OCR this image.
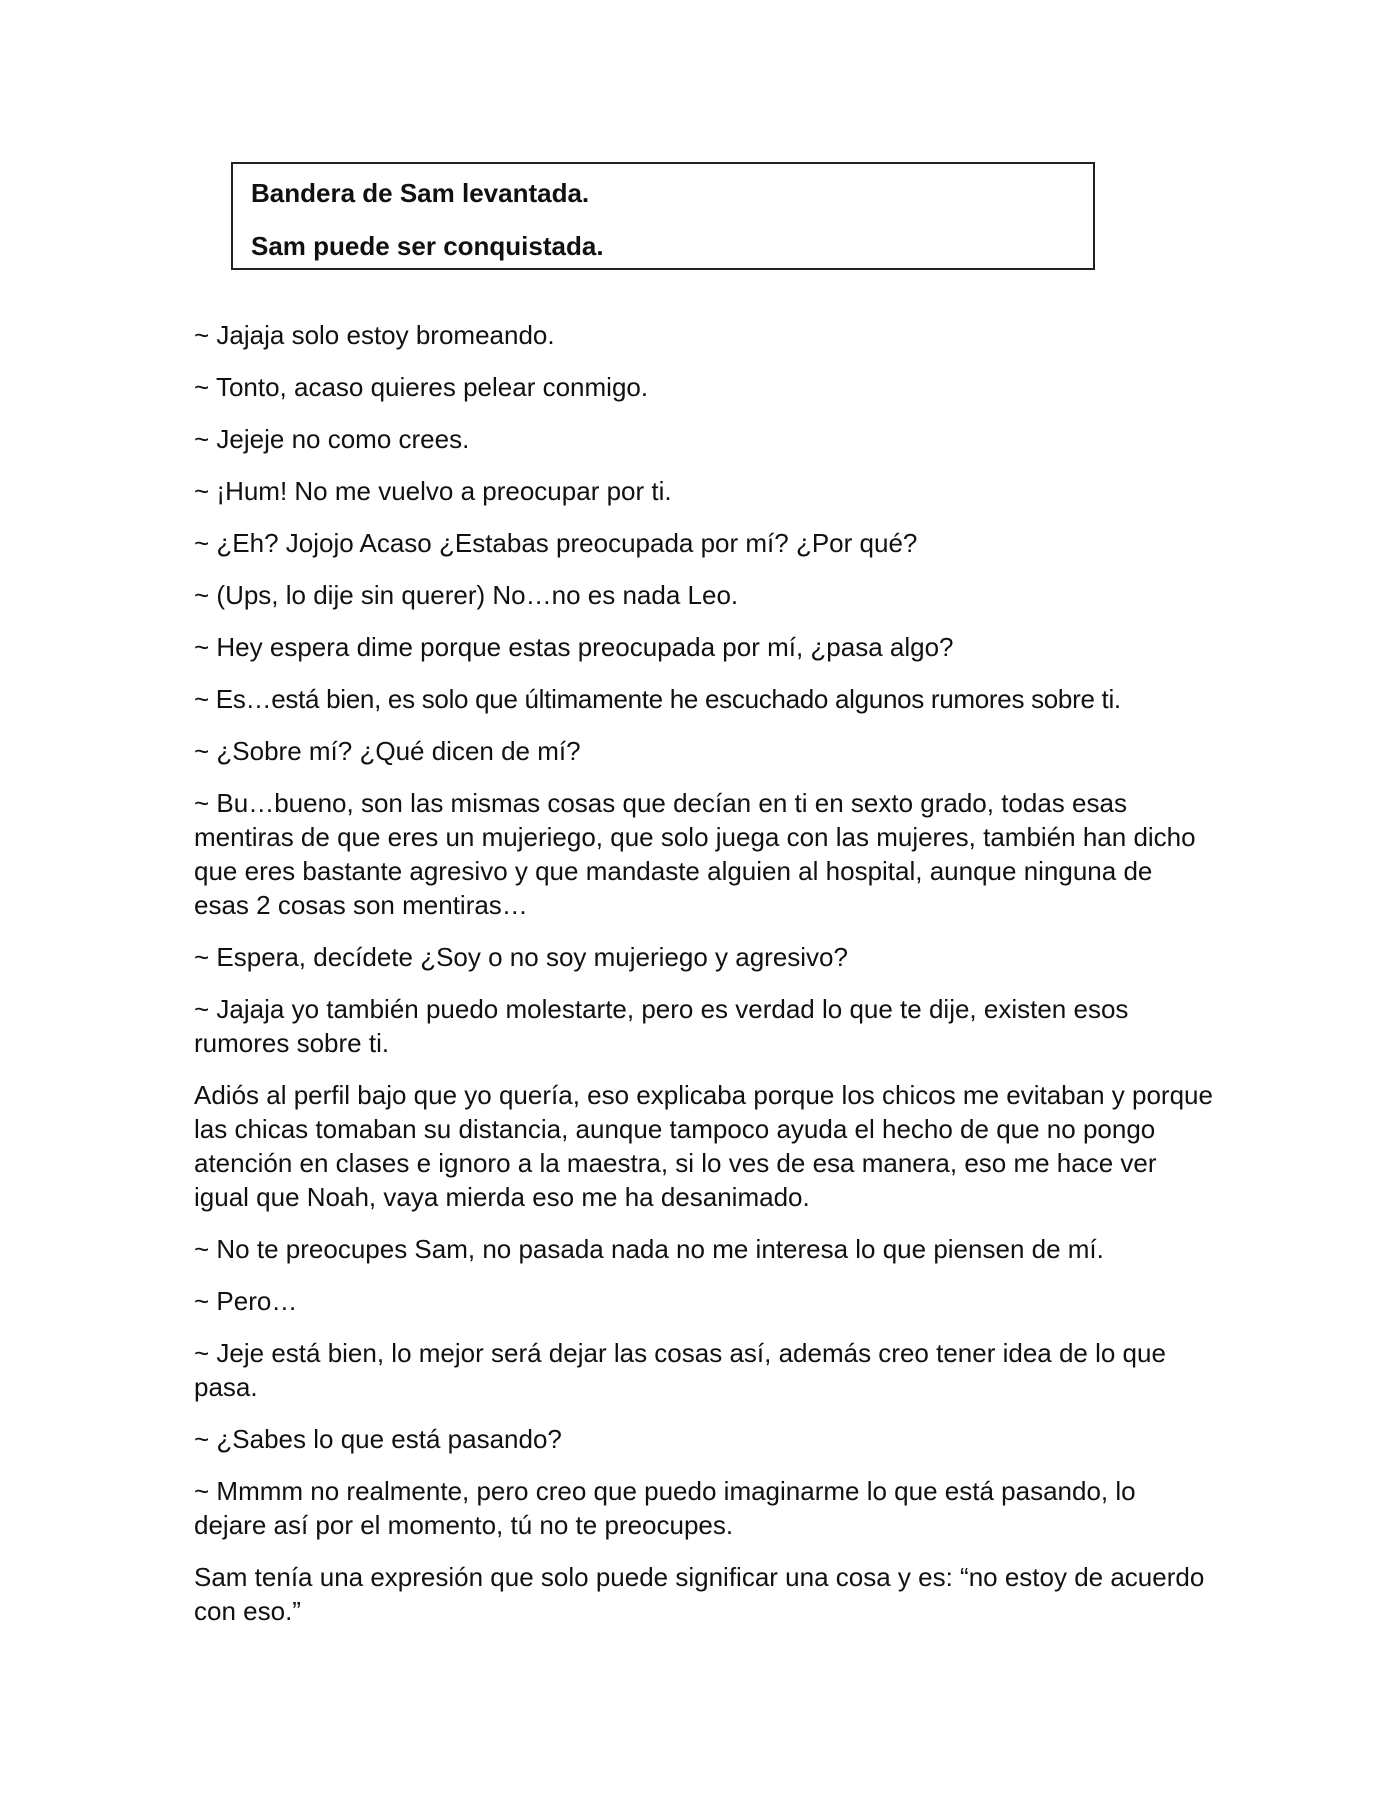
Bandera de Sam levantada.
Sam puede ser conquistada.

~ Jajaja solo estoy bromeando.

~ Tonto, acaso quieres pelear conmigo.

~ Jejeje no como crees.

~ ¡Hum! No me vuelvo a preocupar por ti.

~ ¿Eh? Jojojo Acaso ¿Estabas preocupada por mí? ¿Por qué?

~ (Ups, lo dije sin querer) No…no es nada Leo.

~ Hey espera dime porque estas preocupada por mí, ¿pasa algo?

~ Es…está bien, es solo que últimamente he escuchado algunos rumores sobre ti.

~ ¿Sobre mí? ¿Qué dicen de mí?

~ Bu…bueno, son las mismas cosas que decían en ti en sexto grado, todas esas mentiras de que eres un mujeriego, que solo juega con las mujeres, también han dicho que eres bastante agresivo y que mandaste alguien al hospital, aunque ninguna de esas 2 cosas son mentiras…

~ Espera, decídete ¿Soy o no soy mujeriego y agresivo?

~ Jajaja yo también puedo molestarte, pero es verdad lo que te dije, existen esos rumores sobre ti.

Adiós al perfil bajo que yo quería, eso explicaba porque los chicos me evitaban y porque las chicas tomaban su distancia, aunque tampoco ayuda el hecho de que no pongo atención en clases e ignoro a la maestra, si lo ves de esa manera, eso me hace ver igual que Noah, vaya mierda eso me ha desanimado.

~ No te preocupes Sam, no pasada nada no me interesa lo que piensen de mí.

~ Pero…

~ Jeje está bien, lo mejor será dejar las cosas así, además creo tener idea de lo que pasa.

~ ¿Sabes lo que está pasando?

~ Mmmm no realmente, pero creo que puedo imaginarme lo que está pasando, lo dejare así por el momento, tú no te preocupes.

Sam tenía una expresión que solo puede significar una cosa y es: “no estoy de acuerdo con eso.”
